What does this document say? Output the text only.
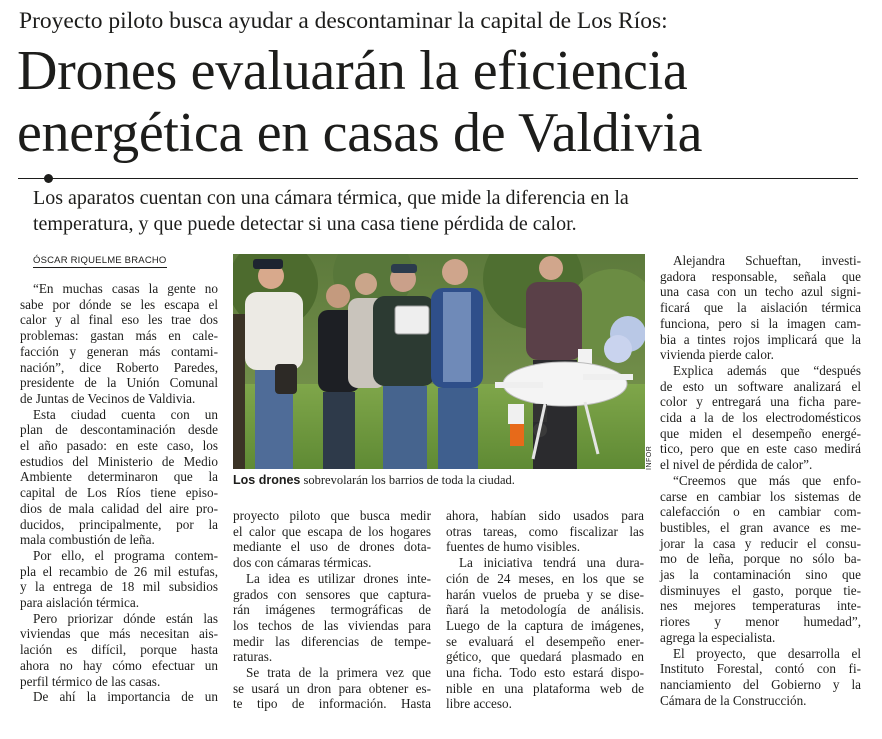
Proyecto piloto busca ayudar a descontaminar la capital de Los Ríos:
Drones evaluarán la eficiencia
energética en casas de Valdivia
Los aparatos cuentan con una cámara térmica, que mide la diferencia en la
temperatura, y que puede detectar si una casa tiene pérdida de calor.
ÓSCAR RIQUELME BRACHO
“En muchas casas la gente no
sabe por dónde se les escapa el
calor y al final eso les trae dos
problemas: gastan más en cale-
facción y generan más contami-
nación”, dice Roberto Paredes,
presidente de la Unión Comunal
de Juntas de Vecinos de Valdivia.
Esta ciudad cuenta con un
plan de descontaminación desde
el año pasado: en este caso, los
estudios del Ministerio de Medio
Ambiente determinaron que la
capital de Los Ríos tiene episo-
dios de mala calidad del aire pro-
ducidos, principalmente, por la
mala combustión de leña.
Por ello, el programa contem-
pla el recambio de 26 mil estufas,
y la entrega de 18 mil subsidios
para aislación térmica.
Pero priorizar dónde están las
viviendas que más necesitan ais-
lación es difícil, porque hasta
ahora no hay cómo efectuar un
perfil térmico de las casas.
De ahí la importancia de un
INFOR
Los drones sobrevolarán los barrios de toda la ciudad.
proyecto piloto que busca medir
el calor que escapa de los hogares
mediante el uso de drones dota-
dos con cámaras térmicas.
La idea es utilizar drones inte-
grados con sensores que captura-
rán imágenes termográficas de
los techos de las viviendas para
medir las diferencias de tempe-
raturas.
Se trata de la primera vez que
se usará un dron para obtener es-
te tipo de información. Hasta
ahora, habían sido usados para
otras tareas, como fiscalizar las
fuentes de humo visibles.
La iniciativa tendrá una dura-
ción de 24 meses, en los que se
harán vuelos de prueba y se dise-
ñará la metodología de análisis.
Luego de la captura de imágenes,
se evaluará el desempeño ener-
gético, que quedará plasmado en
una ficha. Todo esto estará dispo-
nible en una plataforma web de
libre acceso.
Alejandra Schueftan, investi-
gadora responsable, señala que
una casa con un techo azul signi-
ficará que la aislación térmica
funciona, pero si la imagen cam-
bia a tintes rojos implicará que la
vivienda pierde calor.
Explica además que “después
de esto un software analizará el
color y entregará una ficha pare-
cida a la de los electrodomésticos
que miden el desempeño energé-
tico, pero que en este caso medirá
el nivel de pérdida de calor”.
“Creemos que más que enfo-
carse en cambiar los sistemas de
calefacción o en cambiar com-
bustibles, el gran avance es me-
jorar la casa y reducir el consu-
mo de leña, porque no sólo ba-
jas la contaminación sino que
disminuyes el gasto, porque tie-
nes mejores temperaturas inte-
riores y menor humedad”,
agrega la especialista.
El proyecto, que desarrolla el
Instituto Forestal, contó con fi-
nanciamiento del Gobierno y la
Cámara de la Construcción.
